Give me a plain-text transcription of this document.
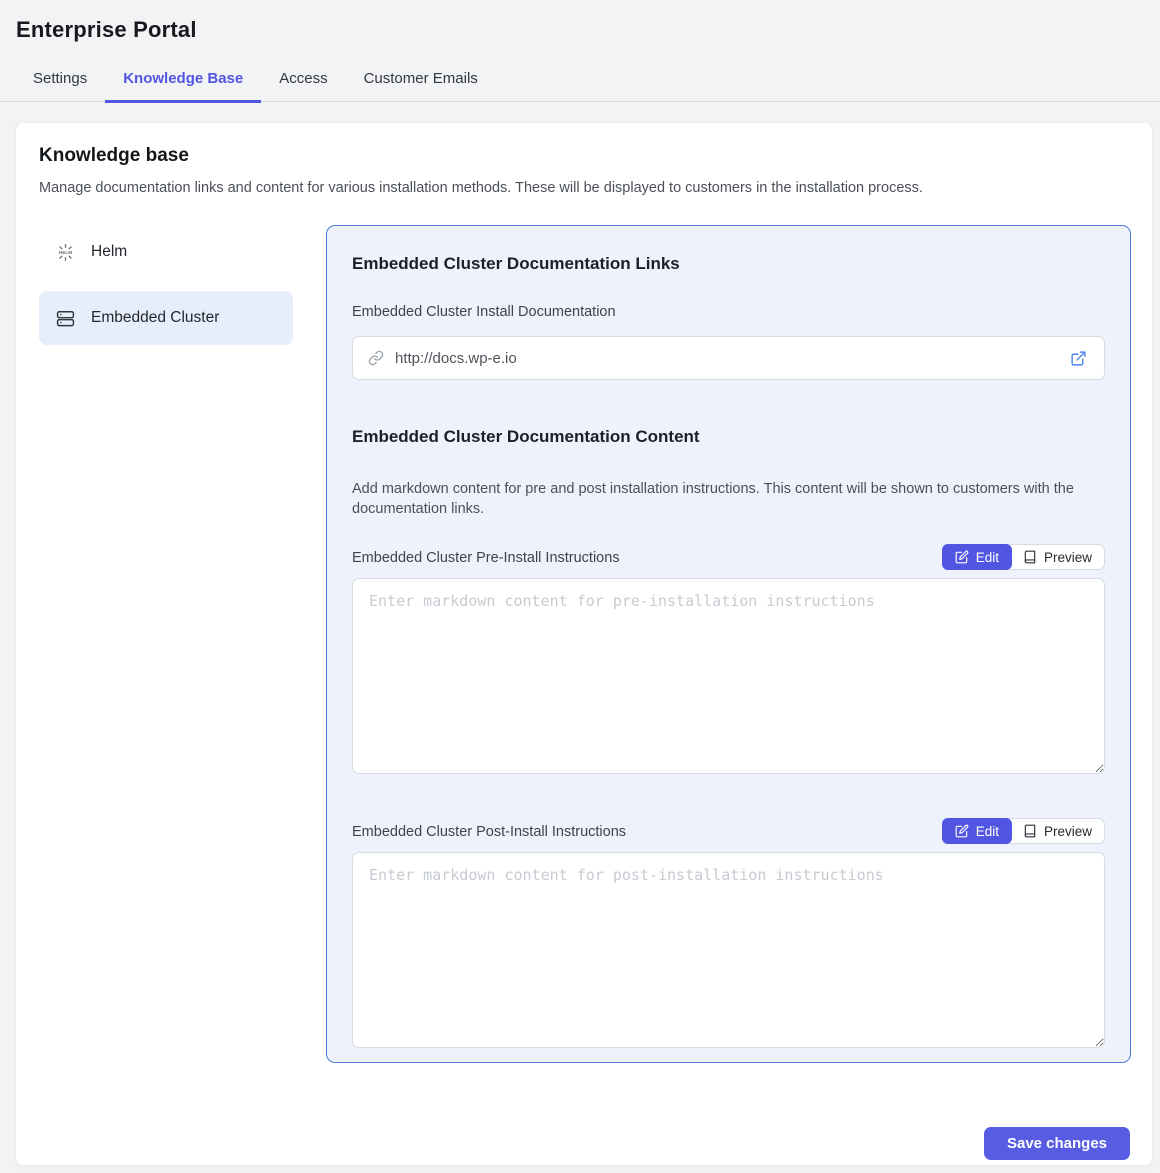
Enterprise Portal
Settings	Knowledge Base	Access	Customer Emails
Knowledge base
Manage documentation links and content for various installation methods. These will be displayed to customers in the installation process.
HELM Helm
Embedded Cluster
Embedded Cluster Documentation Links
Embedded Cluster Install Documentation
http://docs.wp-e.io
Embedded Cluster Documentation Content

Add markdown content for pre and post installation instructions. This content will be shown to customers with the documentation links.

Embedded Cluster Pre-Install Instructions	Edit	Preview
Enter markdown content for pre-installation instructions
Embedded Cluster Post-Install Instructions	Edit	Preview
Enter markdown content for post-installation instructions
Save changes
